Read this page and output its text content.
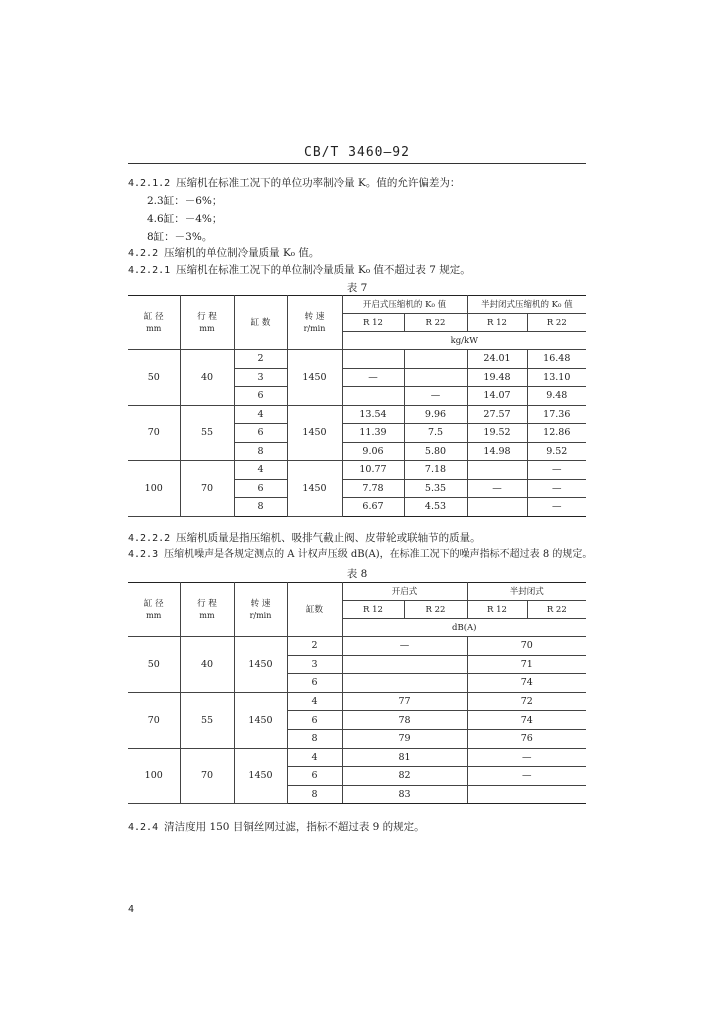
CB/T 3460—92
4.2.1.2 压缩机在标准工况下的单位功率制冷量 K。值的允许偏差为：
2.3缸：－6%；
4.6缸：－4%；
8缸：－3%。
4.2.2 压缩机的单位制冷量质量 K₀ 值。
4.2.2.1 压缩机在标准工况下的单位制冷量质量 K₀ 值不超过表 7 规定。
表 7
缸 径
mm	行 程
mm	缸 数	转 速
r/min	开启式压缩机的 K₀ 值		半封闭式压缩机的 K₀ 值	
				R 12	R 22	R 12	R 22
				kg/kW			
50	40	2	1450			24.01	16.48
		3		—		19.48	13.10
		6			—	14.07	9.48
70	55	4	1450	13.54	9.96	27.57	17.36
		6		11.39	7.5	19.52	12.86
		8		9.06	5.80	14.98	9.52
100	70	4	1450	10.77	7.18		—
		6		7.78	5.35	—	—
		8		6.67	4.53		—
4.2.2.2 压缩机质量是指压缩机、吸排气截止阀、皮带轮或联轴节的质量。
4.2.3 压缩机噪声是各规定测点的 A 计权声压级 dB(A)，在标准工况下的噪声指标不超过表 8 的规定。
表 8
缸 径
mm	行 程
mm	转 速
r/min	缸数	开启式		半封闭式	
				R 12	R 22	R 12	R 22
				dB(A)			
50	40	1450	2	—		70	
			3			71	
			6			74	
70	55	1450	4	77		72	
			6	78		74	
			8	79		76	
100	70	1450	4	81		—	
			6	82		—	
			8	83			
4.2.4 清洁度用 150 目铜丝网过滤，指标不超过表 9 的规定。
4
